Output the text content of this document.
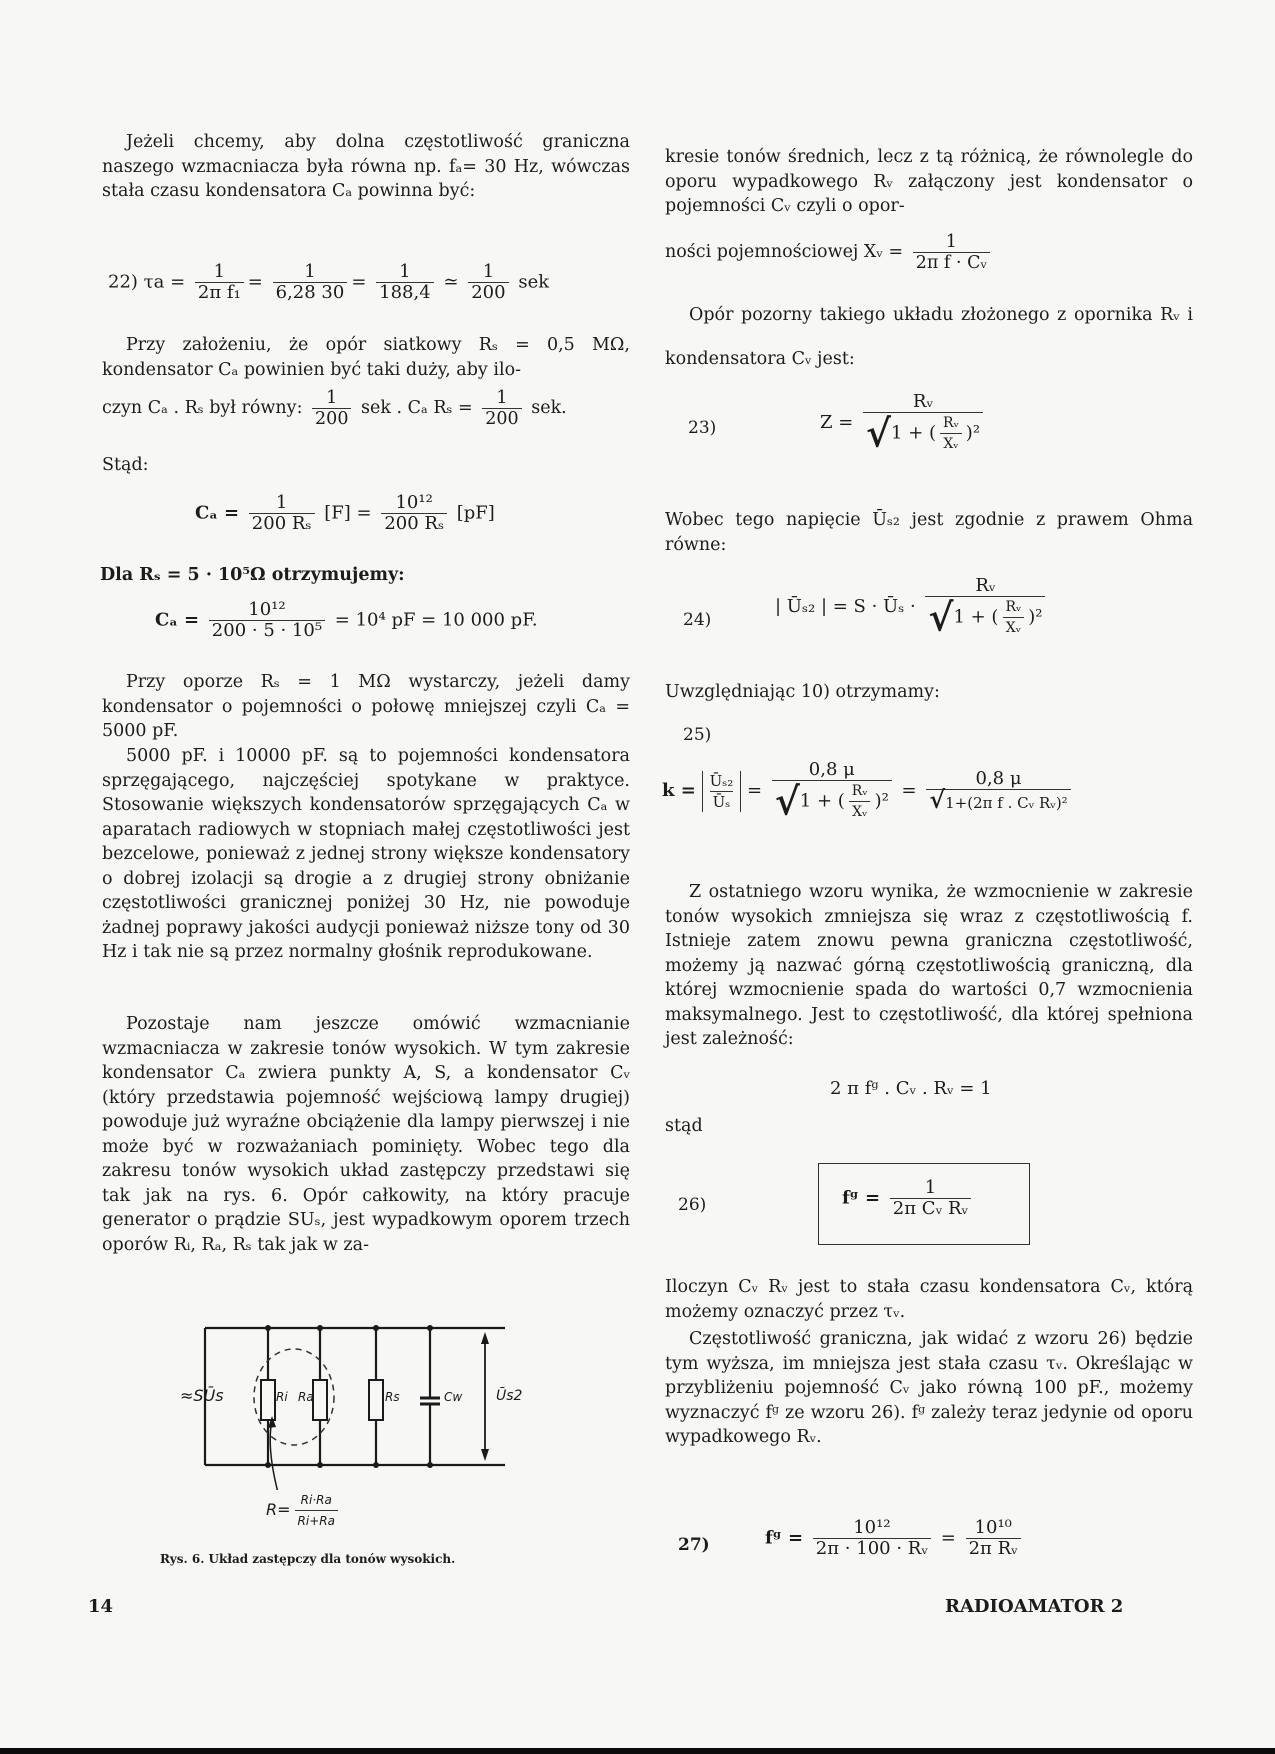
Jeżeli chcemy, aby dolna częstotliwość graniczna naszego wzmacniacza była równa np. fₐ= 30 Hz, wówczas stała czasu kondensatora Cₐ powinna być:

22) $\tau a = \frac{1}{\text{2π f₁}} = \frac{1}{6,28 30} = \frac{1}{188,4}$ ≃ $\frac{1}{200}$ sek

Przy założeniu, że opór siatkowy Rₛ = 0,5 MΩ, kondensator Cₐ powinien być taki duży, aby ilo-

czyn Cₐ . Rₛ był równy: $\frac{1}{200}$ sek . Cₐ $R_s = \frac{1}{200}$ sek.
Stąd:
$C_a = \frac{1}{\text{200 Rₛ}} [F] = \frac{\text{10¹²}}{\text{200 Rₛ}} [pF]$
Dla Rₛ = 5 · 10⁵Ω otrzymujemy:
$C_a = \frac{\text{10¹²}}{\text{200 · 5 · 10⁵}} = 10^4$ pF = 10 000 pF.

Przy oporze Rₛ = 1 MΩ wystarczy, jeżeli damy kondensator o pojemności o połowę mniejszej czyli Cₐ = 5000 pF.

5000 pF. i 10000 pF. są to pojemności kondensatora sprzęgającego, najczęściej spotykane w praktyce. Stosowanie większych kondensatorów sprzęgających Cₐ w aparatach radiowych w stopniach małej częstotliwości jest bezcelowe, ponieważ z jednej strony większe kondensatory o dobrej izolacji są drogie a z drugiej strony obniżanie częstotliwości granicznej poniżej 30 Hz, nie powoduje żadnej poprawy jakości audycji ponieważ niższe tony od 30 Hz i tak nie są przez normalny głośnik reprodukowane.

Pozostaje nam jeszcze omówić wzmacnianie wzmacniacza w zakresie tonów wysokich. W tym zakresie kondensator Cₐ zwiera punkty A, S, a kondensator Cᵥ (który przedstawia pojemność wejściową lampy drugiej) powoduje już wyraźne obciążenie dla lampy pierwszej i nie może być w rozważaniach pominięty. Wobec tego dla zakresu tonów wysokich układ zastępczy przedstawi się tak jak na rys. 6. Opór całkowity, na który pracuje generator o prądzie SUₛ, jest wypadkowym oporem trzech oporów Rᵢ, Rₐ, Rₛ tak jak w za-

≈SŪs	Ri Ra	Rs	Cw Ūs2
$R= \frac{Ri\cdot Ra}{Ri+Ra}$
Rys. 6. Układ zastępczy dla tonów wysokich.

kresie tonów średnich, lecz z tą różnicą, że równolegle do oporu wypadkowego Rᵥ załączony jest kondensator o pojemności Cᵥ czyli o opor-

ności pojemnościowej Xᵥ = $\frac{1}{\text{2π f · Cᵥ}}$

Opór pozorny takiego układu złożonego z opornika Rᵥ i kondensatora Cᵥ jest:

23)	$Z = \frac{\text{Rᵥ}}{√1 + ( \frac{\text{Rᵥ}}{\text{Xᵥ}} )^2}$

Wobec tego napięcie Ūₛ₂ jest zgodnie z prawem Ohma równe:

24)
| Ūₛ₂ | = S · Ūₛ · $\frac{\text{Rᵥ}}{√1 + ( \frac{\text{Rᵥ}}{\text{Xᵥ}} )^2}$
Uwzględniając 10) otrzymamy:
25)
$k = \frac{\text{Ūₛ₂}}{\text{Ūₛ}} = \frac{0,8 \mu}{√1 + ( \frac{\text{Rᵥ}}{\text{Xᵥ}} )^2} = \frac{0,8 \mu}{\text{√1+(2π f . Cᵥ Rᵥ)²}}$

Z ostatniego wzoru wynika, że wzmocnienie w zakresie tonów wysokich zmniejsza się wraz z częstotliwością f. Istnieje zatem znowu pewna graniczna częstotliwość, możemy ją nazwać górną częstotliwością graniczną, dla której wzmocnienie spada do wartości 0,7 wzmocnienia maksymalnego. Jest to częstotliwość, dla której spełniona jest zależność:

2 π fᵍ . Cᵥ . Rᵥ = 1
stąd
26)	fᵍ = $\frac{1}{\text{2π Cᵥ Rᵥ}}$

Iloczyn Cᵥ Rᵥ jest to stała czasu kondensatora Cᵥ, którą możemy oznaczyć przez τᵥ.

Częstotliwość graniczna, jak widać z wzoru 26) będzie tym wyższa, im mniejsza jest stała czasu τᵥ. Określając w przybliżeniu pojemność Cᵥ jako równą 100 pF., możemy wyznaczyć fᵍ ze wzoru 26). fᵍ zależy teraz jedynie od oporu wypadkowego Rᵥ.

27)	fᵍ = $\frac{\text{10¹²}}{\text{2π · 100 · Rᵥ}} = \frac{\text{10¹⁰}}{\text{2π Rᵥ}}$
14	RADIOAMATOR 2
